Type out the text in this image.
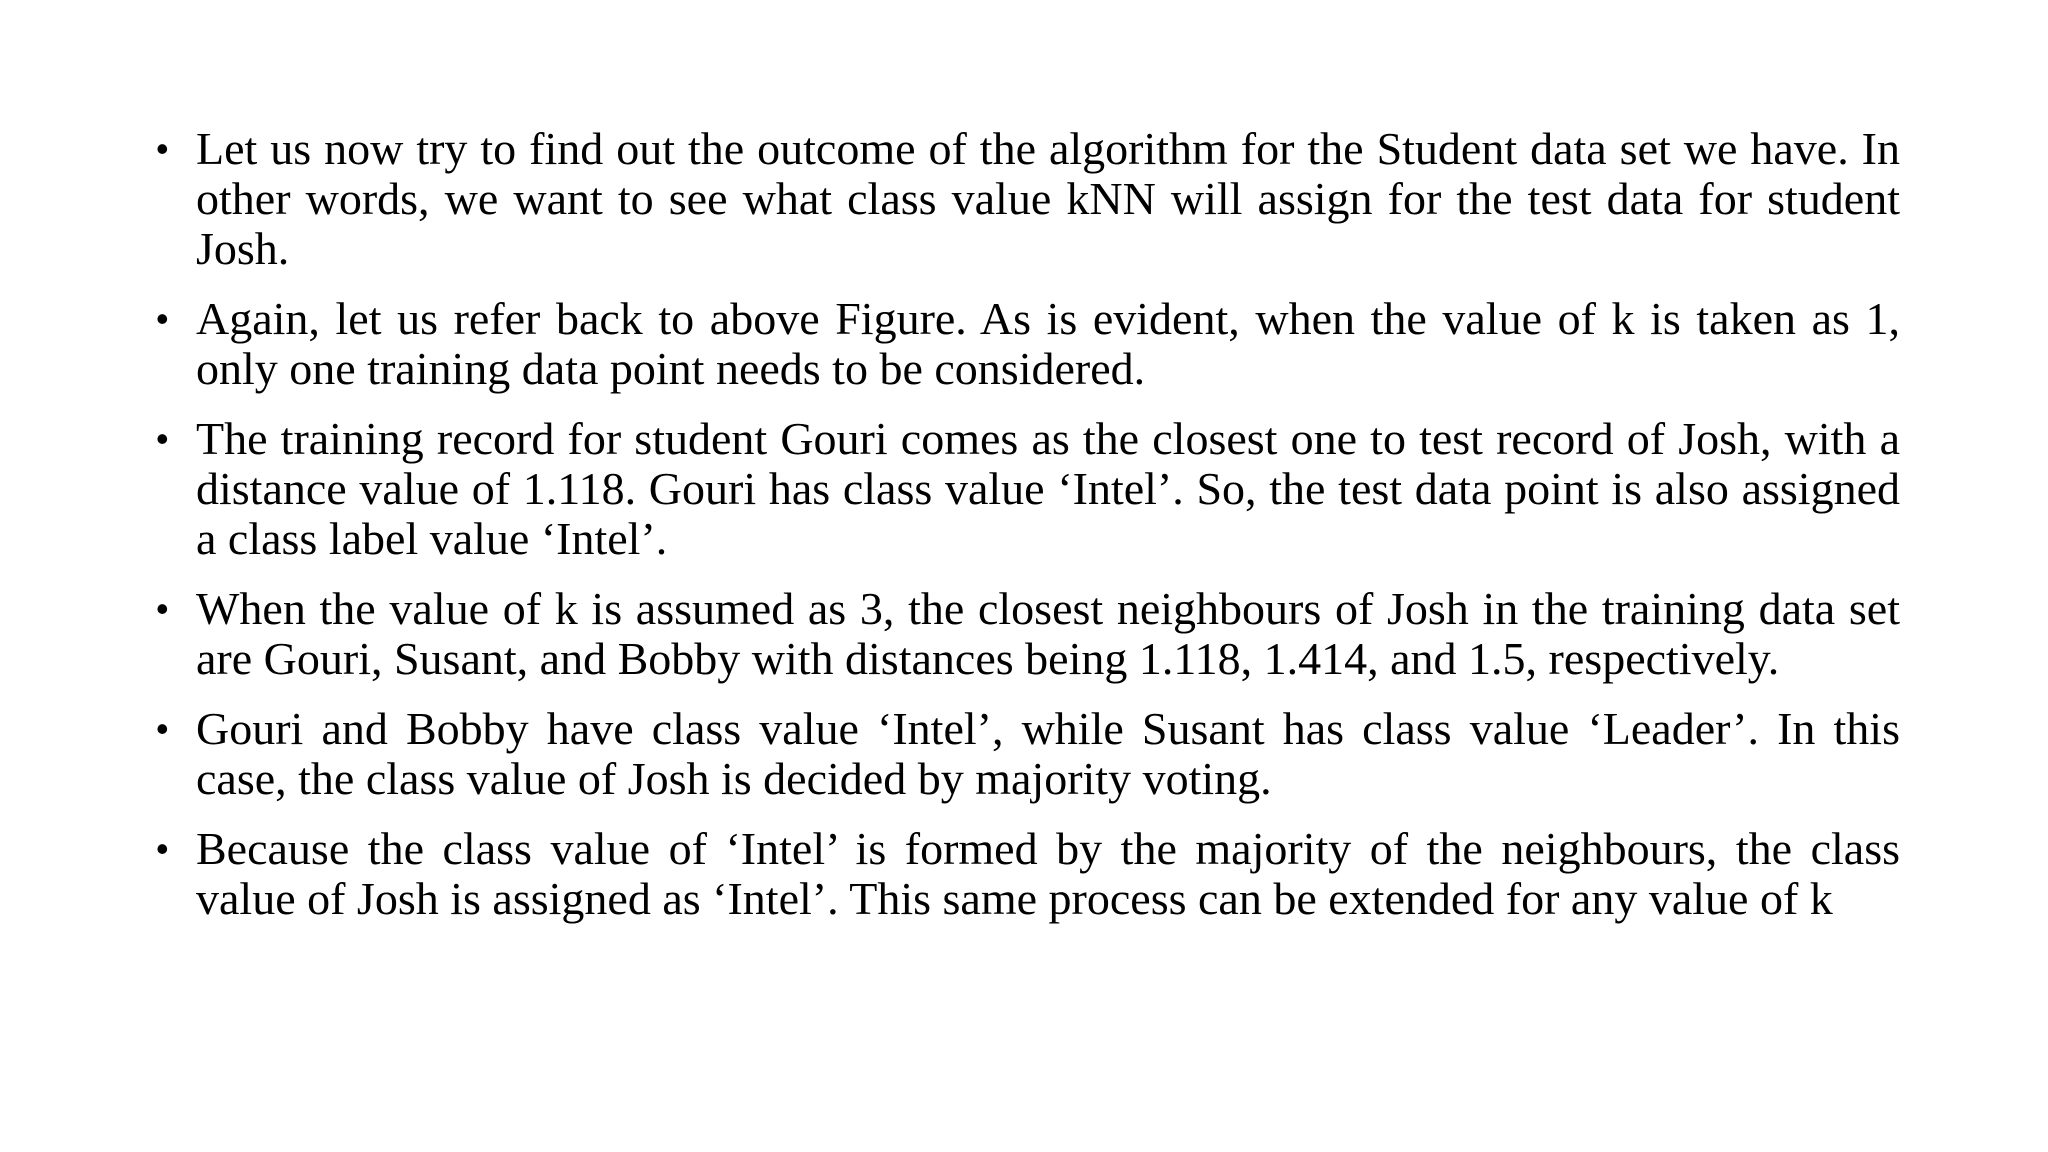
• Let us now try to find out the outcome of the algorithm for the Student data set we have. In other words, we want to see what class value kNN will assign for the test data for student Josh.
• Again, let us refer back to above Figure. As is evident, when the value of k is taken as 1, only one training data point needs to be considered.
• The training record for student Gouri comes as the closest one to test record of Josh, with a distance value of 1.118. Gouri has class value ‘Intel’. So, the test data point is also assigned a class label value ‘Intel’.
• When the value of k is assumed as 3, the closest neighbours of Josh in the training data set are Gouri, Susant, and Bobby with distances being 1.118, 1.414, and 1.5, respectively.
• Gouri and Bobby have class value ‘Intel’, while Susant has class value ‘Leader’. In this case, the class value of Josh is decided by majority voting.
• Because the class value of ‘Intel’ is formed by the majority of the neighbours, the class value of Josh is assigned as ‘Intel’. This same process can be extended for any value of k
